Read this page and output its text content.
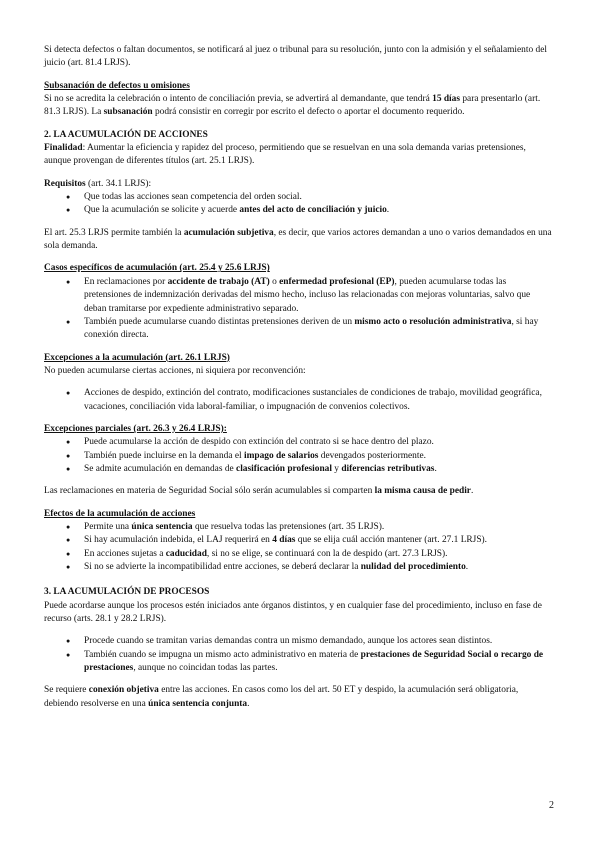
Si detecta defectos o faltan documentos, se notificará al juez o tribunal para su resolución, junto con la admisión y el señalamiento del juicio (art. 81.4 LRJS).

Subsanación de defectos u omisiones

Si no se acredita la celebración o intento de conciliación previa, se advertirá al demandante, que tendrá 15 días para presentarlo (art. 81.3 LRJS). La subsanación podrá consistir en corregir por escrito el defecto o aportar el documento requerido.

2. LA ACUMULACIÓN DE ACCIONES

Finalidad: Aumentar la eficiencia y rapidez del proceso, permitiendo que se resuelvan en una sola demanda varias pretensiones, aunque provengan de diferentes títulos (art. 25.1 LRJS).

Requisitos (art. 34.1 LRJS):

● Que todas las acciones sean competencia del orden social.
● Que la acumulación se solicite y acuerde antes del acto de conciliación y juicio.

El art. 25.3 LRJS permite también la acumulación subjetiva, es decir, que varios actores demandan a uno o varios demandados en una sola demanda.

Casos específicos de acumulación (art. 25.4 y 25.6 LRJS)

● En reclamaciones por accidente de trabajo (AT) o enfermedad profesional (EP), pueden acumularse todas las pretensiones de indemnización derivadas del mismo hecho, incluso las relacionadas con mejoras voluntarias, salvo que deban tramitarse por expediente administrativo separado.
● También puede acumularse cuando distintas pretensiones deriven de un mismo acto o resolución administrativa, si hay conexión directa.

Excepciones a la acumulación (art. 26.1 LRJS)

No pueden acumularse ciertas acciones, ni siquiera por reconvención:

● Acciones de despido, extinción del contrato, modificaciones sustanciales de condiciones de trabajo, movilidad geográfica, vacaciones, conciliación vida laboral-familiar, o impugnación de convenios colectivos.

Excepciones parciales (art. 26.3 y 26.4 LRJS):

● Puede acumularse la acción de despido con extinción del contrato si se hace dentro del plazo.
● También puede incluirse en la demanda el impago de salarios devengados posteriormente.
● Se admite acumulación en demandas de clasificación profesional y diferencias retributivas.

Las reclamaciones en materia de Seguridad Social sólo serán acumulables si comparten la misma causa de pedir.

Efectos de la acumulación de acciones

● Permite una única sentencia que resuelva todas las pretensiones (art. 35 LRJS).
● Si hay acumulación indebida, el LAJ requerirá en 4 días que se elija cuál acción mantener (art. 27.1 LRJS).
● En acciones sujetas a caducidad, si no se elige, se continuará con la de despido (art. 27.3 LRJS).
● Si no se advierte la incompatibilidad entre acciones, se deberá declarar la nulidad del procedimiento.

3. LA ACUMULACIÓN DE PROCESOS

Puede acordarse aunque los procesos estén iniciados ante órganos distintos, y en cualquier fase del procedimiento, incluso en fase de recurso (arts. 28.1 y 28.2 LRJS).

● Procede cuando se tramitan varias demandas contra un mismo demandado, aunque los actores sean distintos.
● También cuando se impugna un mismo acto administrativo en materia de prestaciones de Seguridad Social o recargo de prestaciones, aunque no coincidan todas las partes.

Se requiere conexión objetiva entre las acciones. En casos como los del art. 50 ET y despido, la acumulación será obligatoria, debiendo resolverse en una única sentencia conjunta.

2
